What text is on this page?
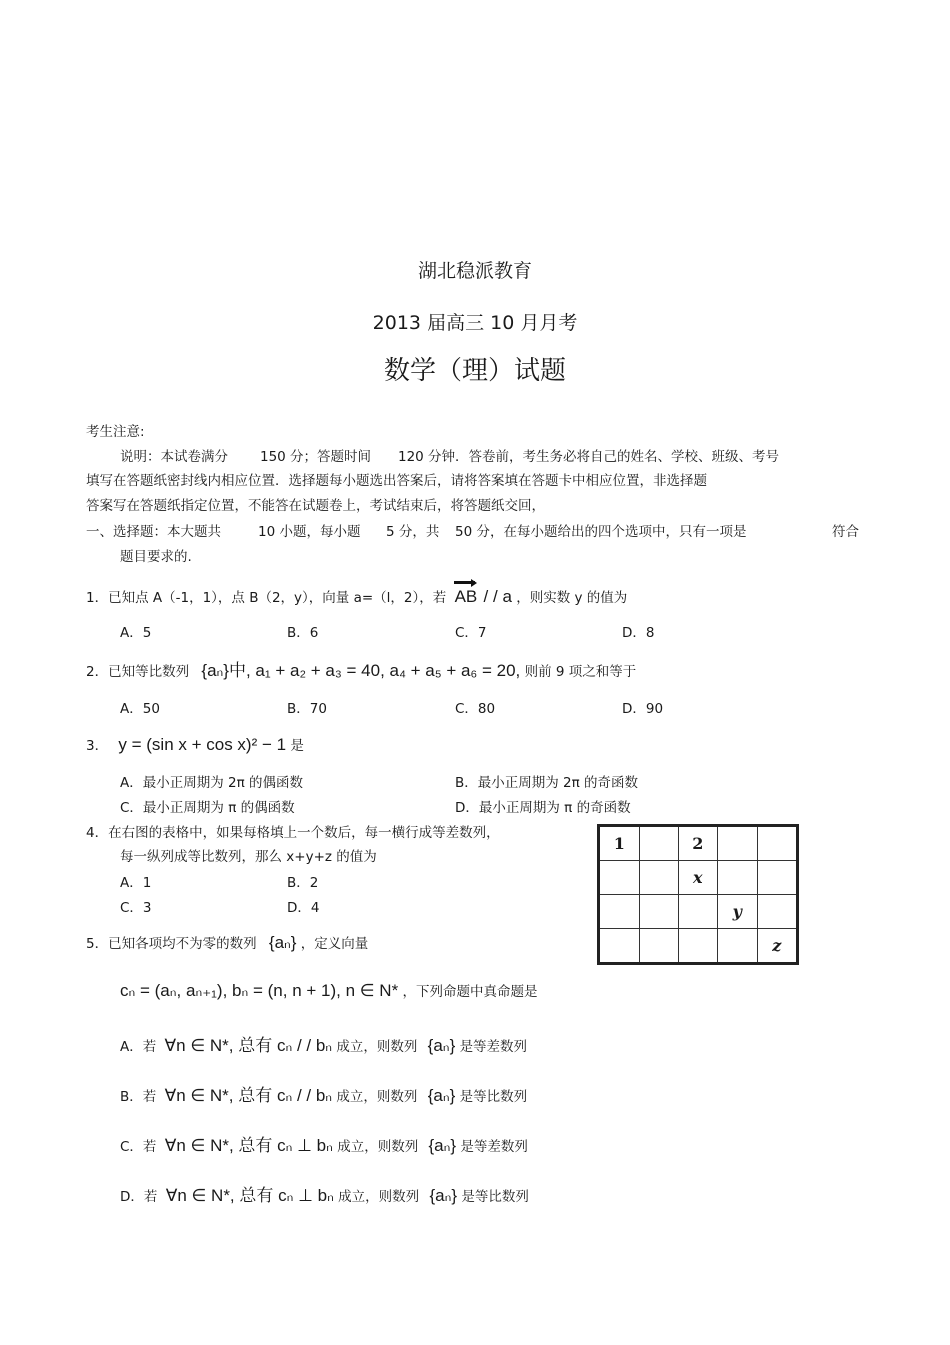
湖北稳派教育
2013 届高三 10 月月考
数学（理）试题
考生注意:
说明：本试卷满分 150 分；答题时间 120 分钟．答卷前，考生务必将自己的姓名、学校、班级、考号
填写在答题纸密封线内相应位置．选择题每小题选出答案后，请将答案填在答题卡中相应位置，非选择题
答案写在答题纸指定位置，不能答在试题卷上，考试结束后，将答题纸交回，
一、选择题：本大题共	10 小题，每小题 5 分，共 50 分，在每小题给出的四个选项中，只有一项是	符合
题目要求的.
1．已知点 A（-1，1），点 B（2，y），向量 a=（l，2），若 AB / / a ，则实数 y 的值为
A．5	B．6	C．7	D．8
2．已知等比数列 {aₙ}中, a₁ + a₂ + a₃ = 40, a₄ + a₅ + a₆ = 20, 则前 9 项之和等于
A．50	B．70	C．80	D．90
3． y = (sin x + cos x)² − 1 是
A．最小正周期为 2π 的偶函数	B．最小正周期为 2π 的奇函数
C．最小正周期为 π 的偶函数	D．最小正周期为 π 的奇函数
4．在右图的表格中，如果每格填上一个数后，每一横行成等差数列，
每一纵列成等比数列，那么 x+y+z 的值为
A．1	B．2
C．3	D．4
1		2		
		x		
			y	
				z
5．已知各项均不为零的数列 {aₙ} ，定义向量
cₙ = (aₙ, aₙ₊₁), bₙ = (n, n + 1), n ∈ N* ，下列命题中真命题是
A．若 ∀n ∈ N*, 总有 cₙ / / bₙ 成立，则数列 {aₙ} 是等差数列
B．若 ∀n ∈ N*, 总有 cₙ / / bₙ 成立，则数列 {aₙ} 是等比数列
C．若 ∀n ∈ N*, 总有 cₙ ⊥ bₙ 成立，则数列 {aₙ} 是等差数列
D．若 ∀n ∈ N*, 总有 cₙ ⊥ bₙ 成立，则数列 {aₙ} 是等比数列
